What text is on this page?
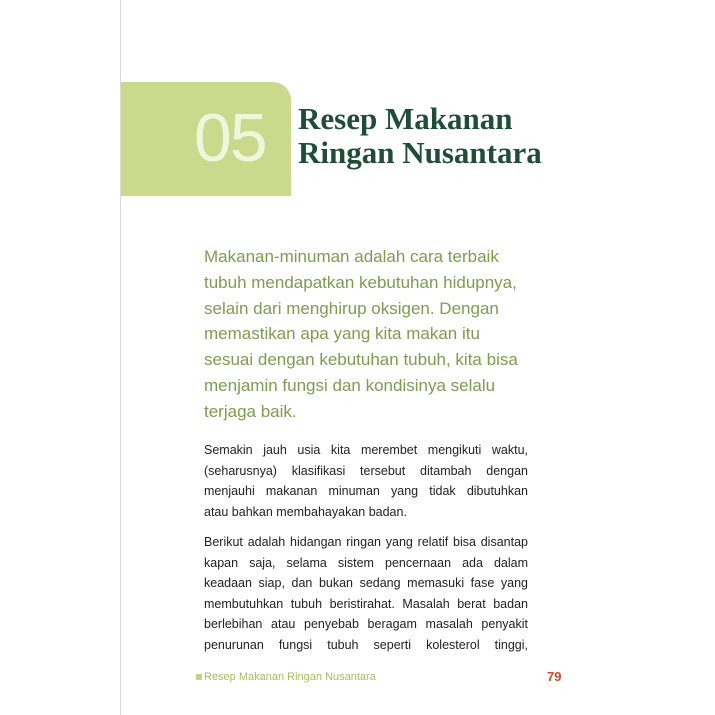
05 Resep Makanan
Ringan Nusantara
Makanan-minuman adalah cara terbaik
tubuh mendapatkan kebutuhan hidupnya,
selain dari menghirup oksigen. Dengan
memastikan apa yang kita makan itu
sesuai dengan kebutuhan tubuh, kita bisa
menjamin fungsi dan kondisinya selalu
terjaga baik.
Semakin jauh usia kita merembet mengikuti waktu,
(seharusnya) klasifikasi tersebut ditambah dengan
menjauhi makanan minuman yang tidak dibutuhkan
atau bahkan membahayakan badan.
Berikut adalah hidangan ringan yang relatif bisa disantap
kapan saja, selama sistem pencernaan ada dalam
keadaan siap, dan bukan sedang memasuki fase yang
membutuhkan tubuh beristirahat. Masalah berat badan
berlebihan atau penyebab beragam masalah penyakit
penurunan fungsi tubuh seperti kolesterol tinggi,
Resep Makanan Ringan Nusantara	79
